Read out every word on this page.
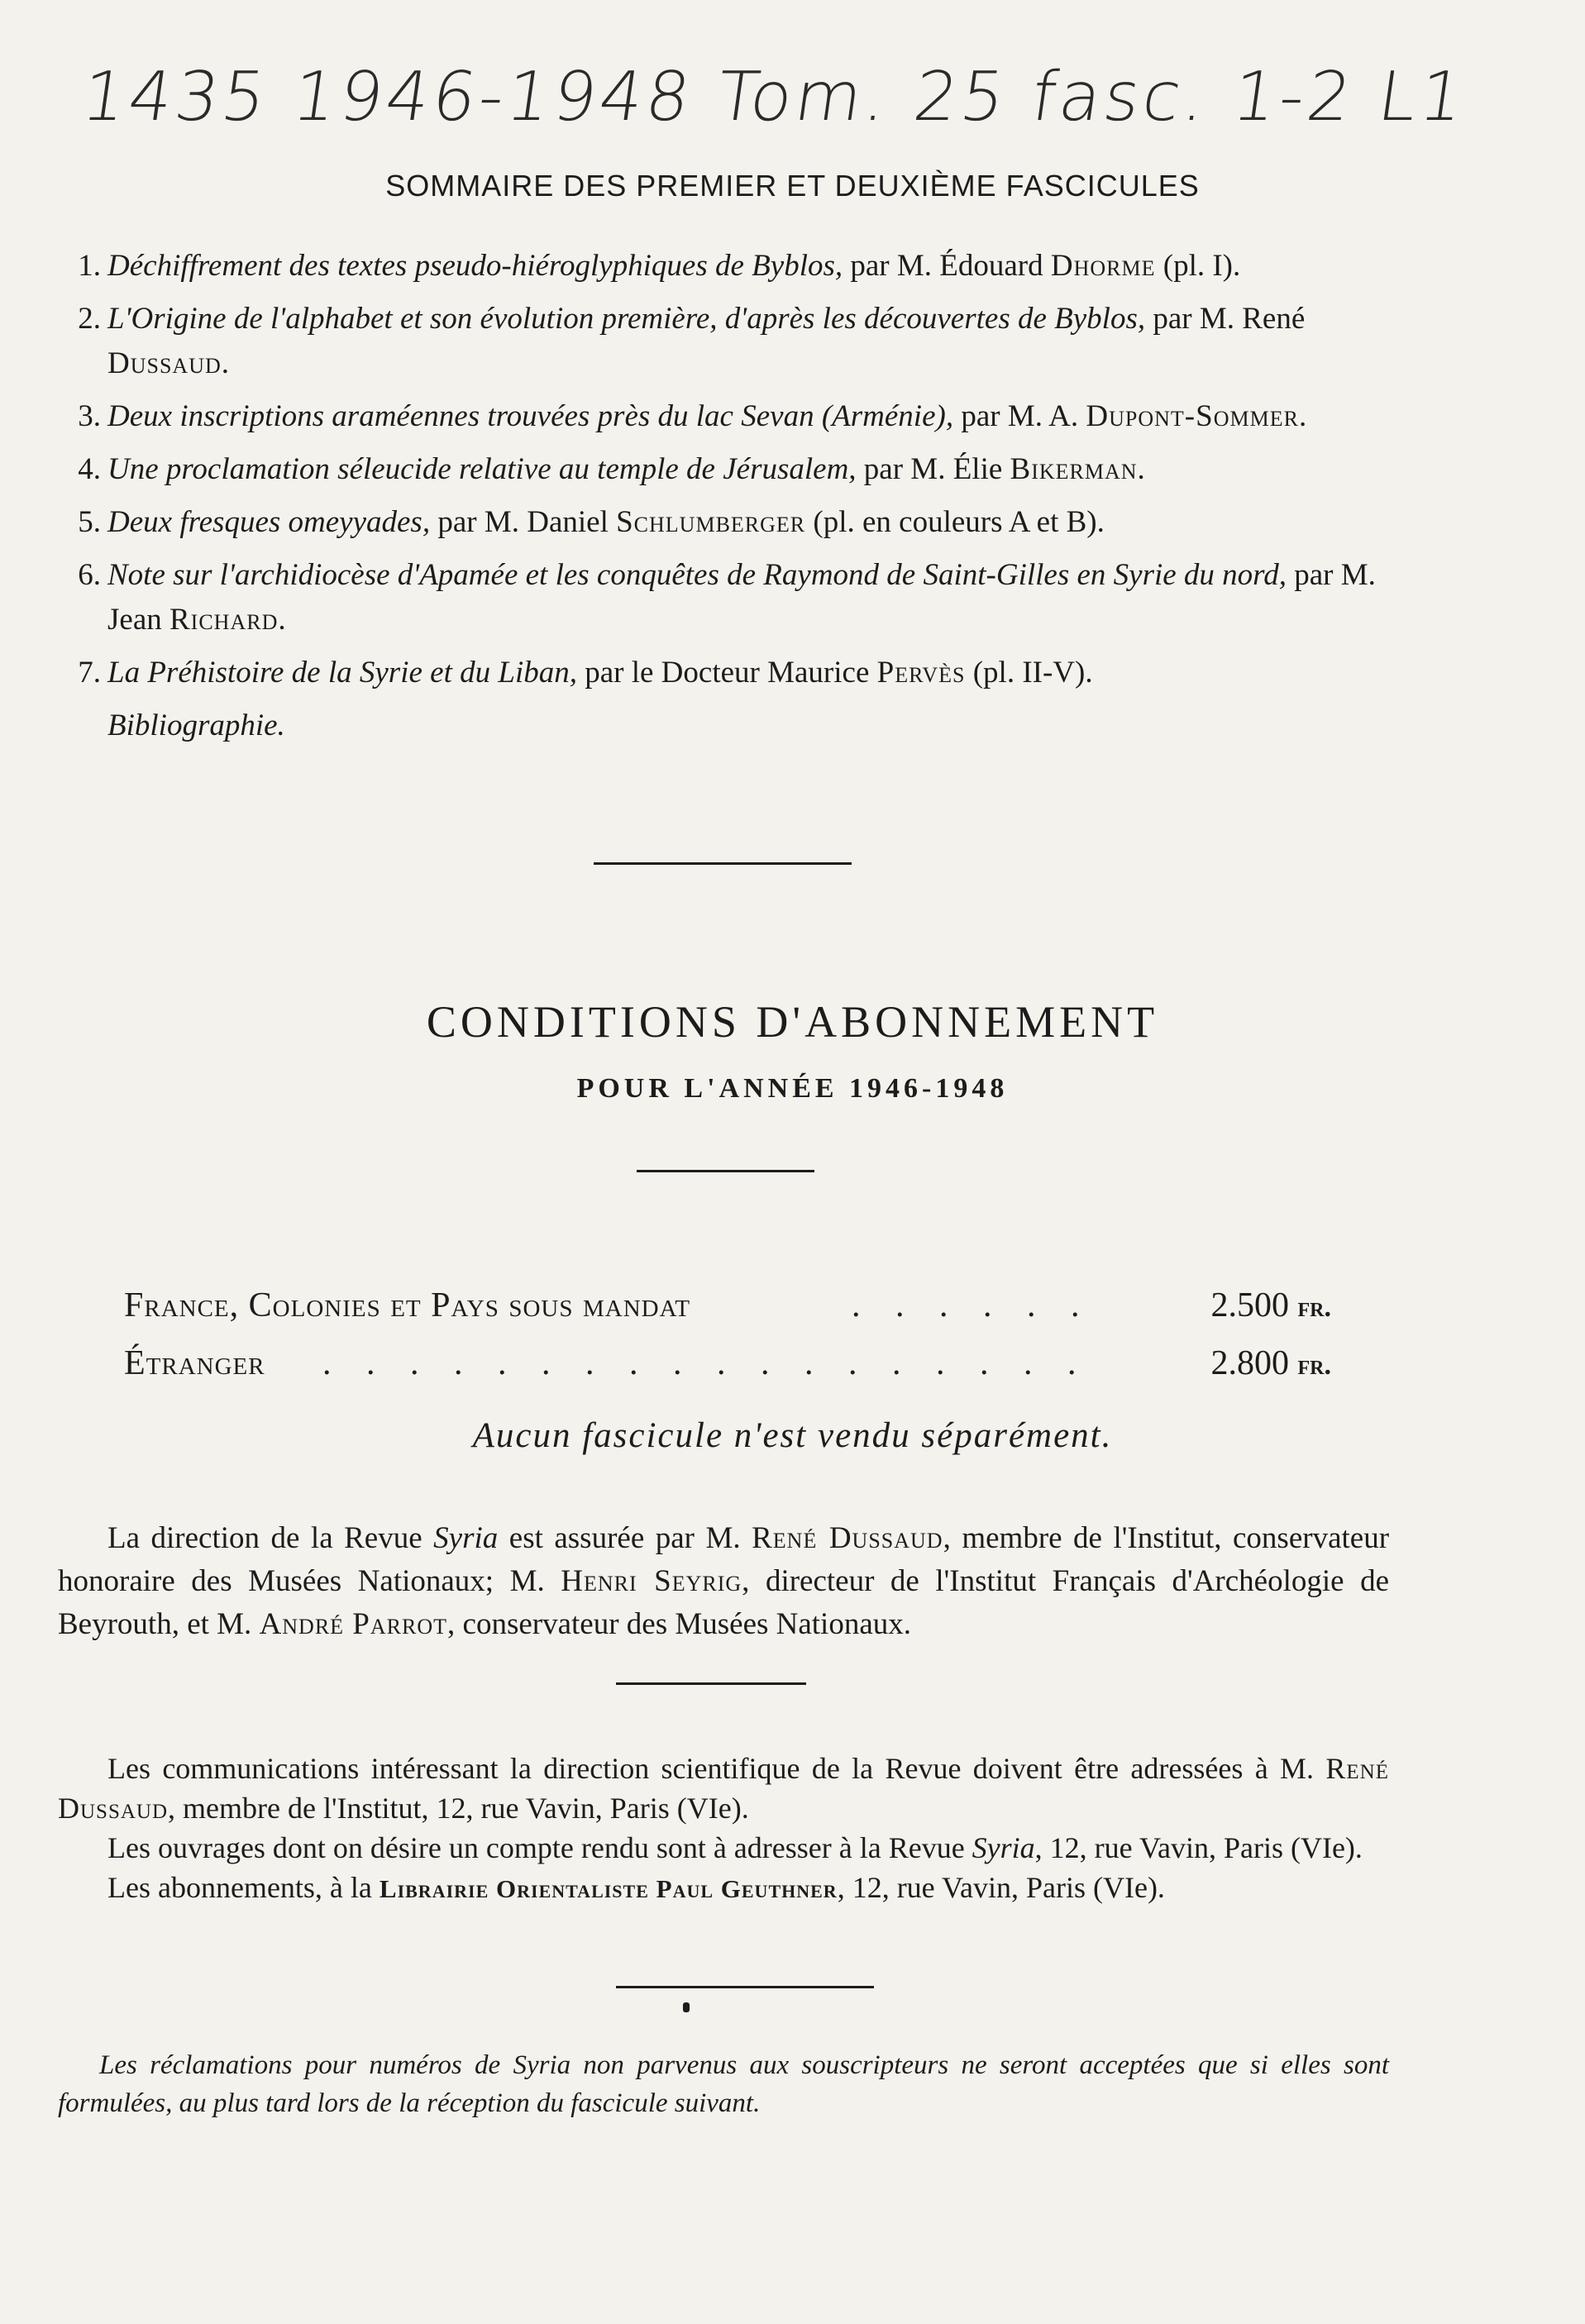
1435 1946-1948 Tom. 25 fasc. 1-2 L1
SOMMAIRE DES PREMIER ET DEUXIÈME FASCICULES
1. Déchiffrement des textes pseudo-hiéroglyphiques de Byblos, par M. Édouard Dhorme (pl. I).
2. L'Origine de l'alphabet et son évolution première, d'après les découvertes de Byblos, par M. René Dussaud.
3. Deux inscriptions araméennes trouvées près du lac Sevan (Arménie), par M. A. Dupont-Sommer.
4. Une proclamation séleucide relative au temple de Jérusalem, par M. Élie Bikerman.
5. Deux fresques omeyyades, par M. Daniel Schlumberger (pl. en couleurs A et B).
6. Note sur l'archidiocèse d'Apamée et les conquêtes de Raymond de Saint-Gilles en Syrie du nord, par M. Jean Richard.
7. La Préhistoire de la Syrie et du Liban, par le Docteur Maurice Pervès (pl. II-V).
Bibliographie.
CONDITIONS D'ABONNEMENT
POUR L'ANNÉE 1946-1948
France, Colonies et Pays sous mandat	. . . . . .	2.500 fr.
Étranger . . . . . . . . . . . . . . . . . .	2.800 fr.
Aucun fascicule n'est vendu séparément.

La direction de la Revue Syria est assurée par M. René Dussaud, membre de l'Institut, conservateur honoraire des Musées Nationaux; M. Henri Seyrig, directeur de l'Institut Français d'Archéologie de Beyrouth, et M. André Parrot, conservateur des Musées Nationaux.

Les communications intéressant la direction scientifique de la Revue doivent être adressées à M. René Dussaud, membre de l'Institut, 12, rue Vavin, Paris (VIe).

Les ouvrages dont on désire un compte rendu sont à adresser à la Revue Syria, 12, rue Vavin, Paris (VIe).

Les abonnements, à la Librairie Orientaliste Paul Geuthner, 12, rue Vavin, Paris (VIe).

Les réclamations pour numéros de Syria non parvenus aux souscripteurs ne seront acceptées que si elles sont formulées, au plus tard lors de la réception du fascicule suivant.
